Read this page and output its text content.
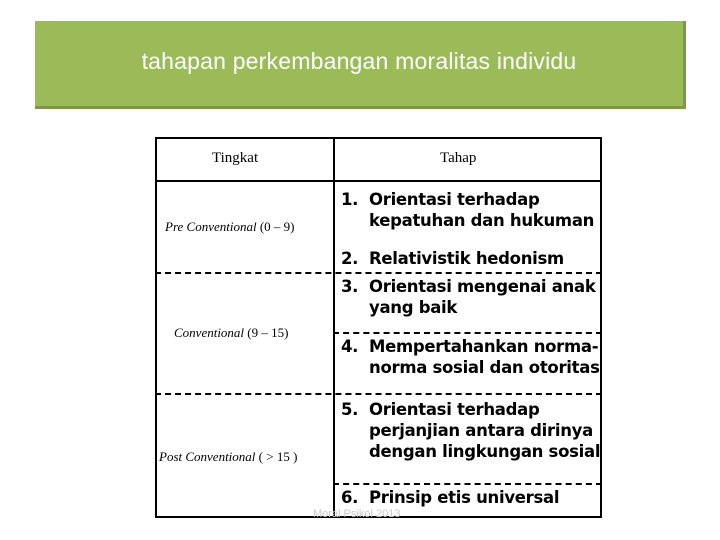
tahapan perkembangan moralitas individu
Tingkat	Tahap
Pre Conventional (0 – 9)
Conventional (9 – 15)
Post Conventional ( > 15 )
1. Orientasi terhadap
kepatuhan dan hukuman
2. Relativistik hedonism
3. Orientasi mengenai anak
yang baik
4. Mempertahankan norma-
norma sosial dan otoritas
5. Orientasi terhadap
perjanjian antara dirinya
dengan lingkungan sosial
6. Prinsip etis universal
Moral Psikol 2013
